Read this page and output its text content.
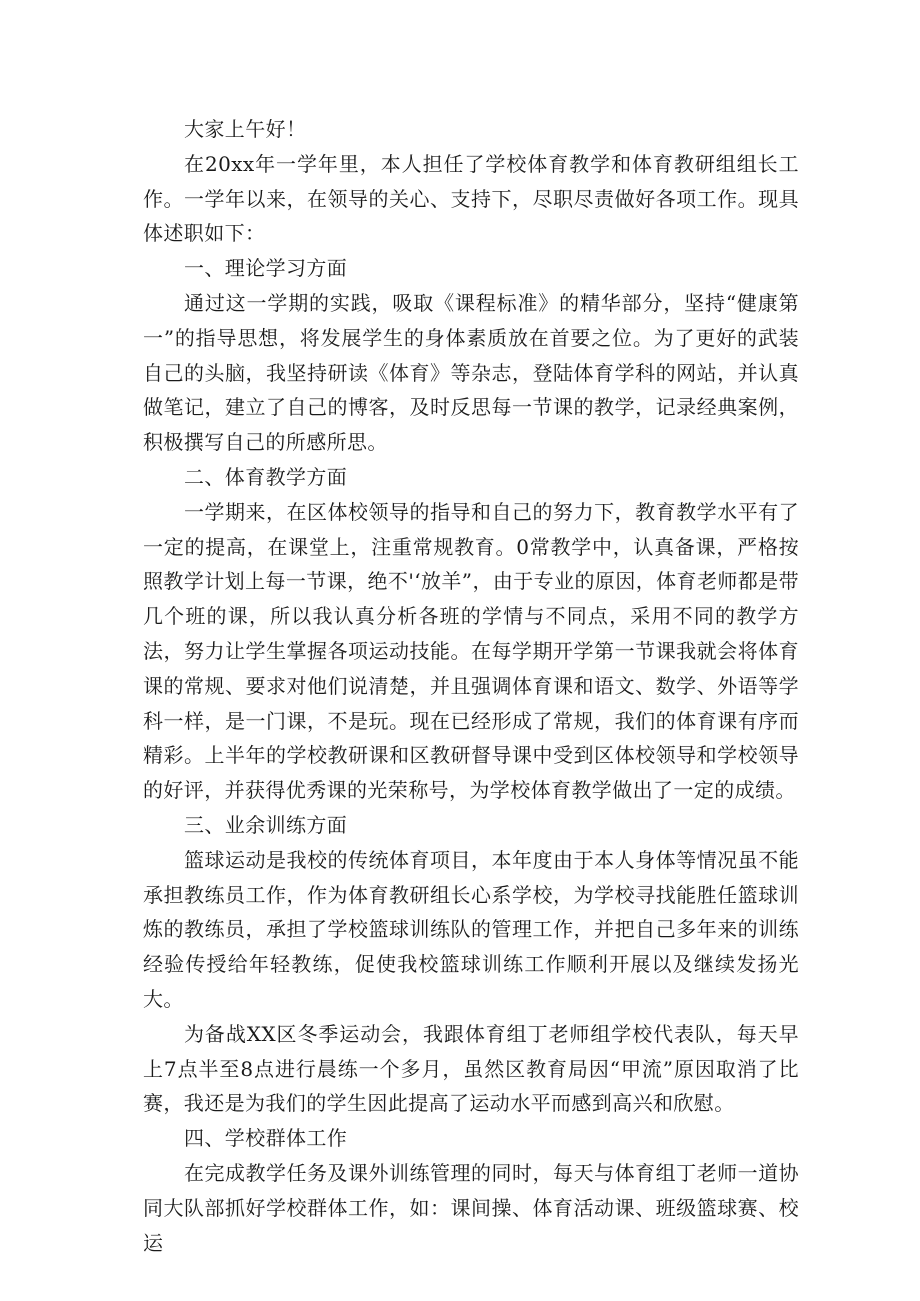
大家上午好！

在20xx年一学年里，本人担任了学校体育教学和体育教研组组长工作。一学年以来，在领导的关心、支持下，尽职尽责做好各项工作。现具体述职如下：

一、理论学习方面

通过这一学期的实践，吸取《课程标准》的精华部分，坚持“健康第一”的指导思想，将发展学生的身体素质放在首要之位。为了更好的武装自己的头脑，我坚持研读《体育》等杂志，登陆体育学科的网站，并认真做笔记，建立了自己的博客，及时反思每一节课的教学，记录经典案例，积极撰写自己的所感所思。

二、体育教学方面

一学期来，在区体校领导的指导和自己的努力下，教育教学水平有了一定的提高，在课堂上，注重常规教育。0常教学中，认真备课，严格按照教学计划上每一节课，绝不'‘放羊”，由于专业的原因，体育老师都是带几个班的课，所以我认真分析各班的学情与不同点，采用不同的教学方法，努力让学生掌握各项运动技能。在每学期开学第一节课我就会将体育课的常规、要求对他们说清楚，并且强调体育课和语文、数学、外语等学科一样，是一门课，不是玩。现在已经形成了常规，我们的体育课有序而精彩。上半年的学校教研课和区教研督导课中受到区体校领导和学校领导的好评，并获得优秀课的光荣称号，为学校体育教学做出了一定的成绩。

三、业余训练方面

篮球运动是我校的传统体育项目，本年度由于本人身体等情况虽不能承担教练员工作，作为体育教研组长心系学校，为学校寻找能胜任篮球训炼的教练员，承担了学校篮球训练队的管理工作，并把自己多年来的训练经验传授给年轻教练，促使我校篮球训练工作顺利开展以及继续发扬光大。

为备战XX区冬季运动会，我跟体育组丁老师组学校代表队，每天早上7点半至8点进行晨练一个多月，虽然区教育局因“甲流”原因取消了比赛，我还是为我们的学生因此提高了运动水平而感到高兴和欣慰。

四、学校群体工作

在完成教学任务及课外训练管理的同时，每天与体育组丁老师一道协同大队部抓好学校群体工作，如：课间操、体育活动课、班级篮球赛、校运
